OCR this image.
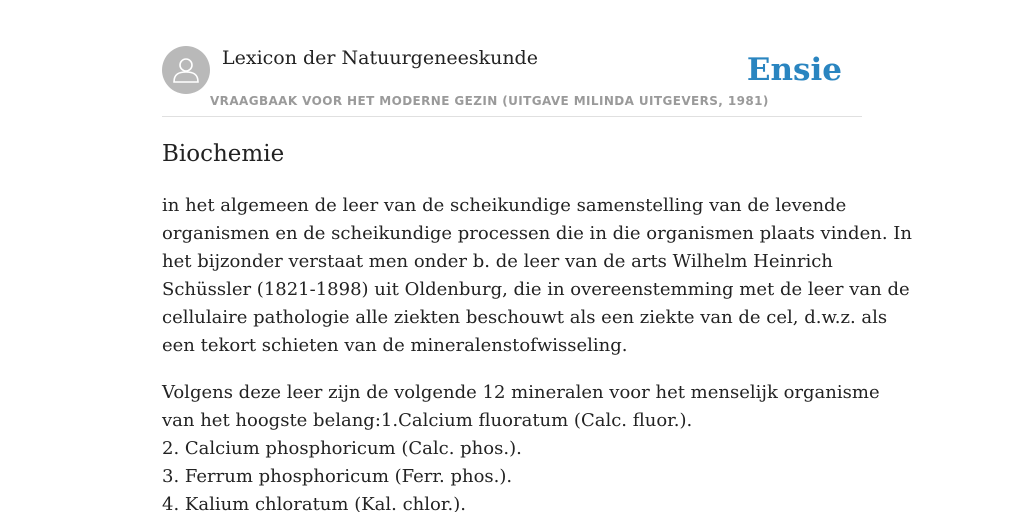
Lexicon der Natuurgeneeskunde
VRAAGBAAK VOOR HET MODERNE GEZIN (UITGAVE MILINDA UITGEVERS, 1981)
Ensie
Biochemie

in het algemeen de leer van de scheikundige samenstelling van de levende
organismen en de scheikundige processen die in die organismen plaats vinden. In
het bijzonder verstaat men onder b. de leer van de arts Wilhelm Heinrich
Schüssler (1821-1898) uit Oldenburg, die in overeenstemming met de leer van de
cellulaire pathologie alle ziekten beschouwt als een ziekte van de cel, d.w.z. als
een tekort schieten van de mineralenstofwisseling.

Volgens deze leer zijn de volgende 12 mineralen voor het menselijk organisme
van het hoogste belang:1.Calcium fluoratum (Calc. fluor.).
2. Calcium phosphoricum (Calc. phos.).
3. Ferrum phosphoricum (Ferr. phos.).
4. Kalium chloratum (Kal. chlor.).
